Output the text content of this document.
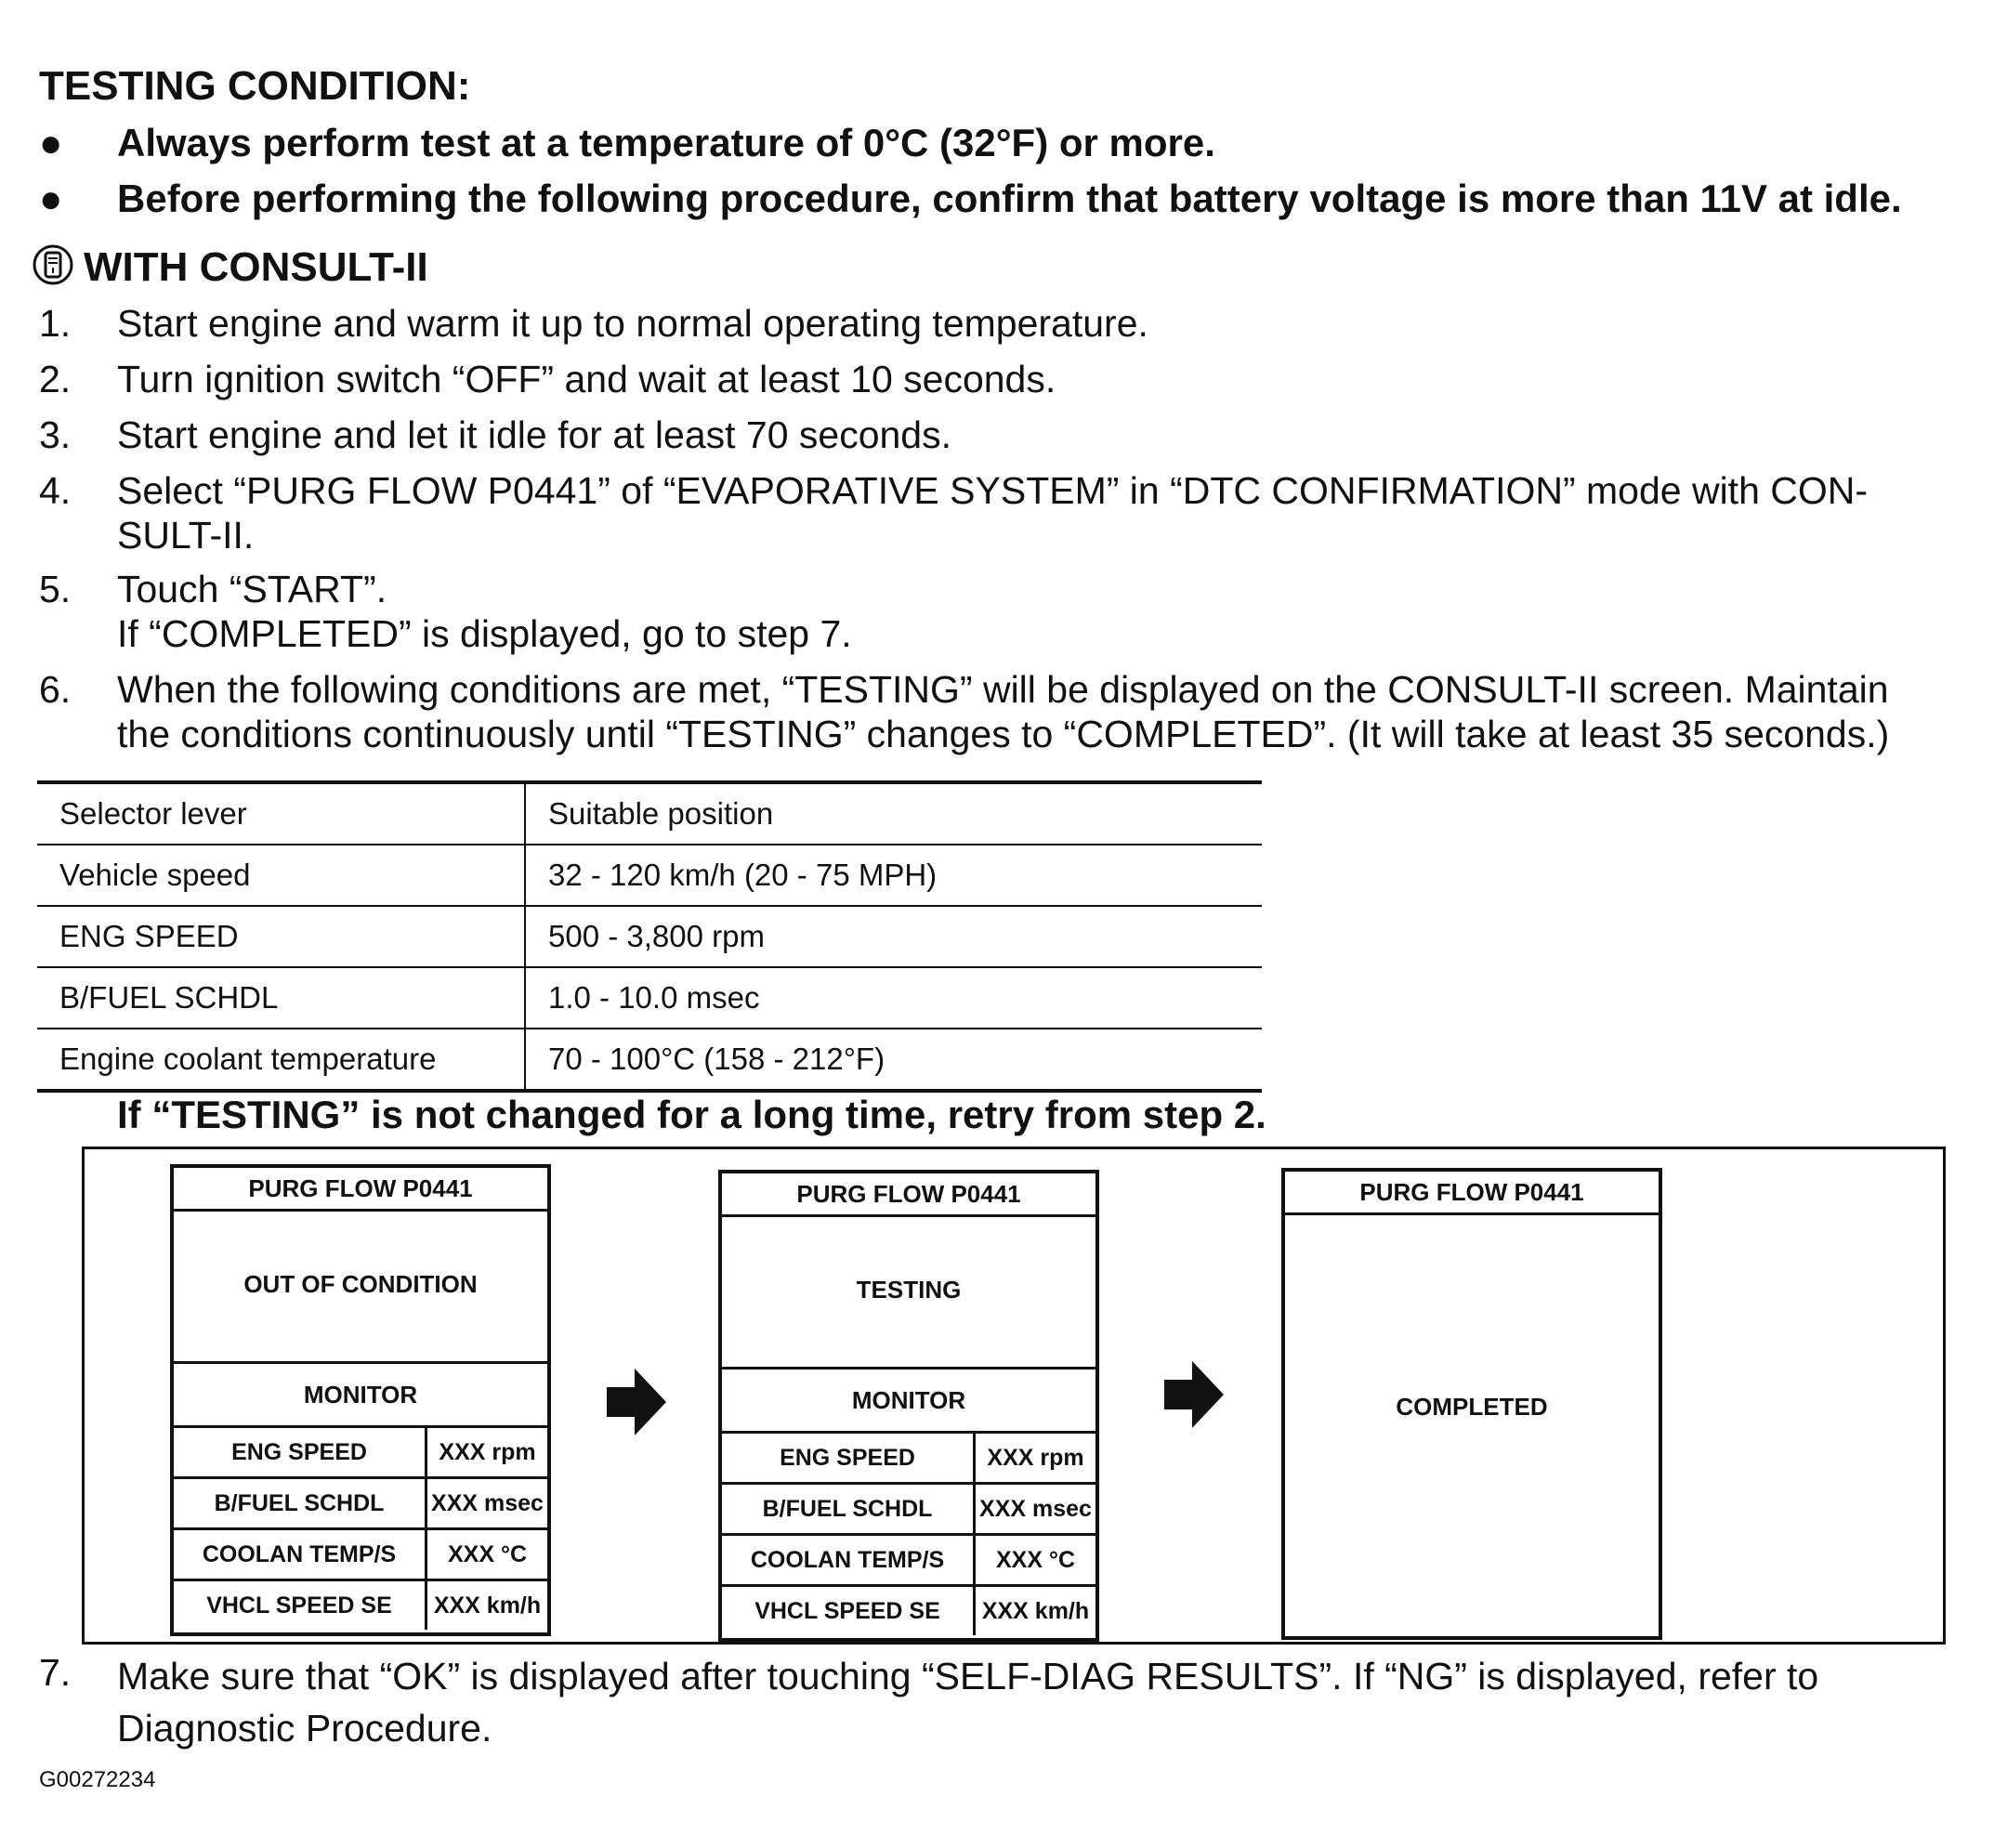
TESTING CONDITION:
●	Always perform test at a temperature of 0°C (32°F) or more.
●	Before performing the following procedure, confirm that battery voltage is more than 11V at idle.
WITH CONSULT-II
1. Start engine and warm it up to normal operating temperature.
2. Turn ignition switch “OFF” and wait at least 10 seconds.
3. Start engine and let it idle for at least 70 seconds.
4. Select “PURG FLOW P0441” of “EVAPORATIVE SYSTEM” in “DTC CONFIRMATION” mode with CON-
SULT-II.
5. Touch “START”.
If “COMPLETED” is displayed, go to step 7.
6. When the following conditions are met, “TESTING” will be displayed on the CONSULT-II screen. Maintain
the conditions continuously until “TESTING” changes to “COMPLETED”. (It will take at least 35 seconds.)
Selector lever	Suitable position
Vehicle speed	32 - 120 km/h (20 - 75 MPH)
ENG SPEED	500 - 3,800 rpm
B/FUEL SCHDL	1.0 - 10.0 msec
Engine coolant temperature	70 - 100°C (158 - 212°F)
If “TESTING” is not changed for a long time, retry from step 2.
PURG FLOW P0441
OUT OF CONDITION
MONITOR
ENG SPEED	XXX rpm
B/FUEL SCHDL	XXX msec
COOLAN TEMP/S	XXX °C
VHCL SPEED SE	XXX km/h
PURG FLOW P0441
TESTING
MONITOR
ENG SPEED	XXX rpm
B/FUEL SCHDL	XXX msec
COOLAN TEMP/S	XXX °C
VHCL SPEED SE	XXX km/h
PURG FLOW P0441
COMPLETED
7. Make sure that “OK” is displayed after touching “SELF-DIAG RESULTS”. If “NG” is displayed, refer to
Diagnostic Procedure.
G00272234
